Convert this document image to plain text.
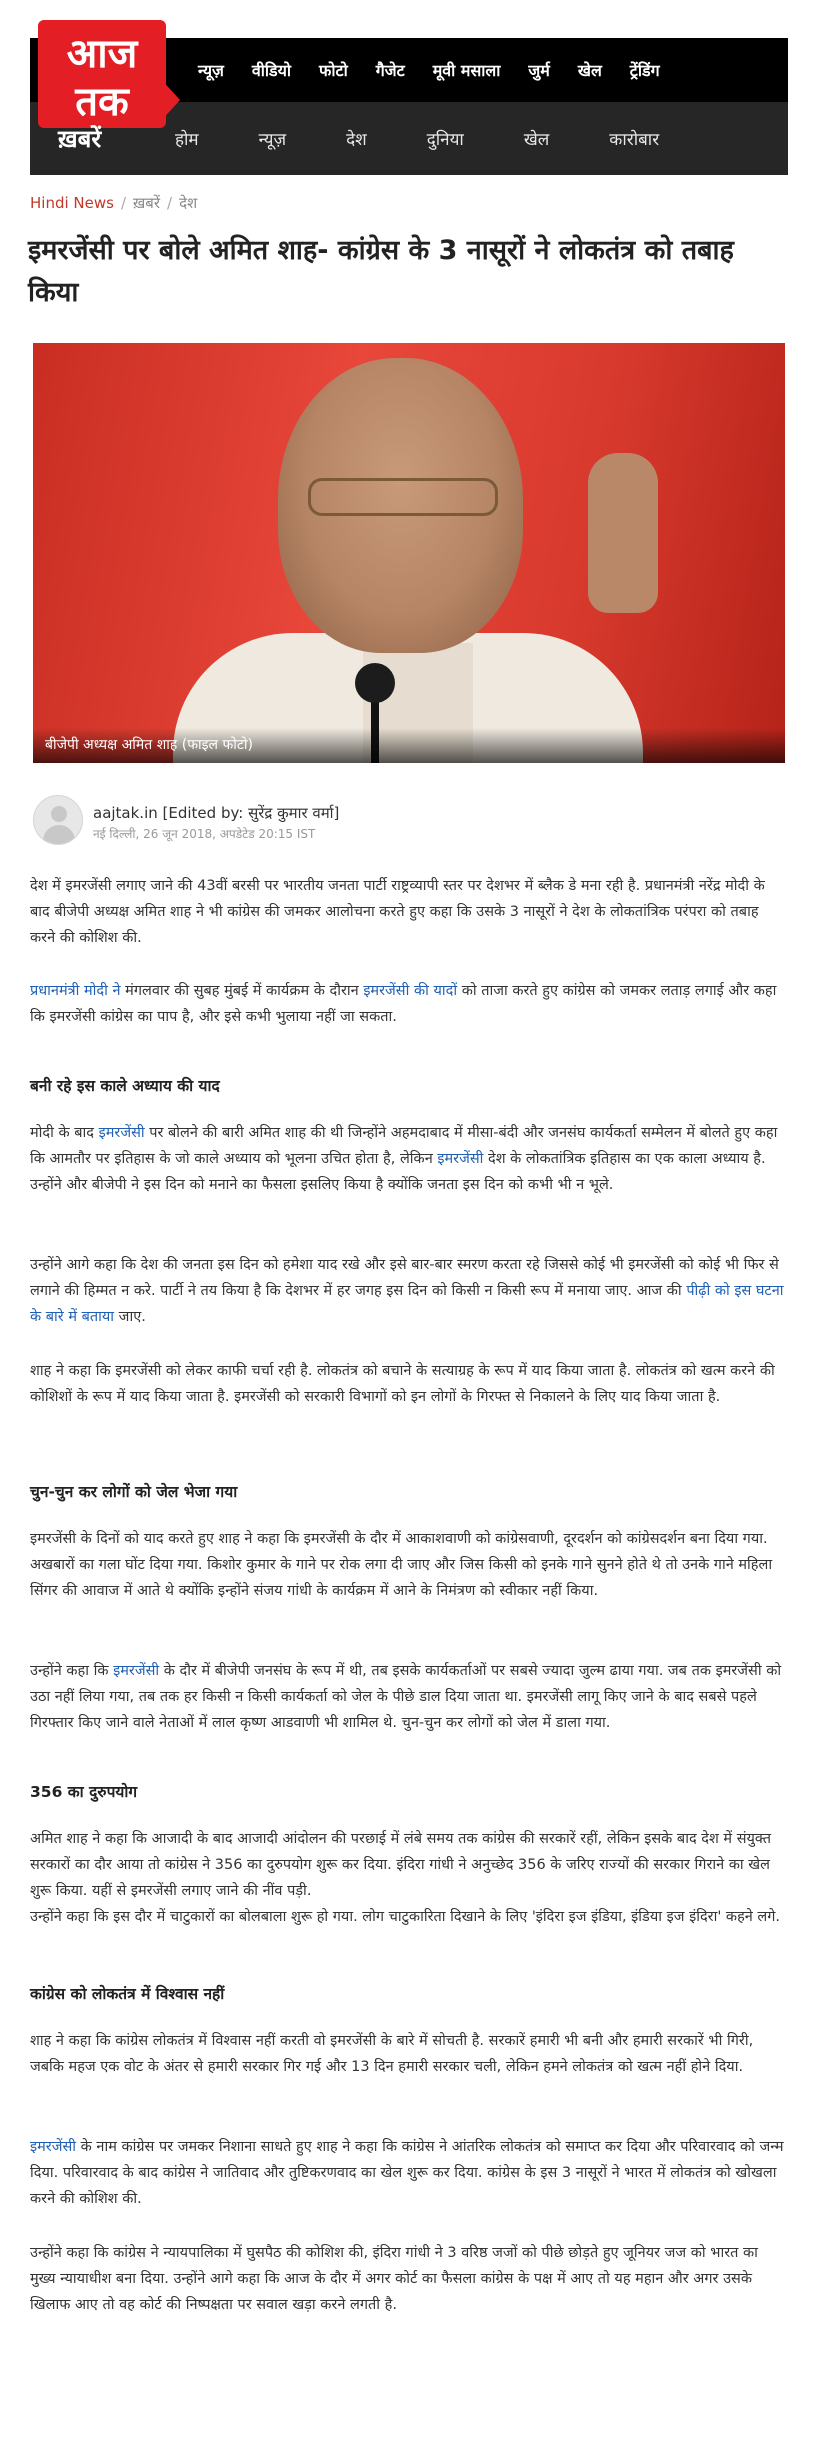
न्यूज़ वीडियो फोटो गैजेट मूवी मसाला जुर्म खेल ट्रेंडिंग
होम	न्यूज़	देश	दुनिया	खेल	कारोबार
आज
तक
ख़बरें
Hindi News / ख़बरें / देश
इमरजेंसी पर बोले अमित शाह- कांग्रेस के 3 नासूरों ने लोकतंत्र को तबाह किया
बीजेपी अध्यक्ष अमित शाह (फाइल फोटो)
aajtak.in [Edited by: सुरेंद्र कुमार वर्मा]
नई दिल्ली, 26 जून 2018, अपडेटेड 20:15 IST

देश में इमरजेंसी लगाए जाने की 43वीं बरसी पर भारतीय जनता पार्टी राष्ट्रव्यापी स्तर पर देशभर में ब्लैक डे मना रही है. प्रधानमंत्री नरेंद्र मोदी के बाद बीजेपी अध्यक्ष अमित शाह ने भी कांग्रेस की जमकर आलोचना करते हुए कहा कि उसके 3 नासूरों ने देश के लोकतांत्रिक परंपरा को तबाह करने की कोशिश की.

प्रधानमंत्री मोदी ने मंगलवार की सुबह मुंबई में कार्यक्रम के दौरान इमरजेंसी की यादों को ताजा करते हुए कांग्रेस को जमकर लताड़ लगाई और कहा कि इमरजेंसी कांग्रेस का पाप है, और इसे कभी भुलाया नहीं जा सकता.

बनी रहे इस काले अध्याय की याद

मोदी के बाद इमरजेंसी पर बोलने की बारी अमित शाह की थी जिन्होंने अहमदाबाद में मीसा-बंदी और जनसंघ कार्यकर्ता सम्मेलन में बोलते हुए कहा कि आमतौर पर इतिहास के जो काले अध्याय को भूलना उचित होता है, लेकिन इमरजेंसी देश के लोकतांत्रिक इतिहास का एक काला अध्याय है. उन्होंने और बीजेपी ने इस दिन को मनाने का फैसला इसलिए किया है क्योंकि जनता इस दिन को कभी भी न भूले.

उन्होंने आगे कहा कि देश की जनता इस दिन को हमेशा याद रखे और इसे बार-बार स्मरण करता रहे जिससे कोई भी इमरजेंसी को कोई भी फिर से लगाने की हिम्मत न करे. पार्टी ने तय किया है कि देशभर में हर जगह इस दिन को किसी न किसी रूप में मनाया जाए. आज की पीढ़ी को इस घटना के बारे में बताया जाए.

शाह ने कहा कि इमरजेंसी को लेकर काफी चर्चा रही है. लोकतंत्र को बचाने के सत्याग्रह के रूप में याद किया जाता है. लोकतंत्र को खत्म करने की कोशिशों के रूप में याद किया जाता है. इमरजेंसी को सरकारी विभागों को इन लोगों के गिरफ्त से निकालने के लिए याद किया जाता है.

चुन-चुन कर लोगों को जेल भेजा गया

इमरजेंसी के दिनों को याद करते हुए शाह ने कहा कि इमरजेंसी के दौर में आकाशवाणी को कांग्रेसवाणी, दूरदर्शन को कांग्रेसदर्शन बना दिया गया. अखबारों का गला घोंट दिया गया. किशोर कुमार के गाने पर रोक लगा दी जाए और जिस किसी को इनके गाने सुनने होते थे तो उनके गाने महिला सिंगर की आवाज में आते थे क्योंकि इन्होंने संजय गांधी के कार्यक्रम में आने के निमंत्रण को स्वीकार नहीं किया.

उन्होंने कहा कि इमरजेंसी के दौर में बीजेपी जनसंघ के रूप में थी, तब इसके कार्यकर्ताओं पर सबसे ज्यादा जुल्म ढाया गया. जब तक इमरजेंसी को उठा नहीं लिया गया, तब तक हर किसी न किसी कार्यकर्ता को जेल के पीछे डाल दिया जाता था. इमरजेंसी लागू किए जाने के बाद सबसे पहले गिरफ्तार किए जाने वाले नेताओं में लाल कृष्ण आडवाणी भी शामिल थे. चुन-चुन कर लोगों को जेल में डाला गया.

356 का दुरुपयोग

अमित शाह ने कहा कि आजादी के बाद आजादी आंदोलन की परछाई में लंबे समय तक कांग्रेस की सरकारें रहीं, लेकिन इसके बाद देश में संयुक्त सरकारों का दौर आया तो कांग्रेस ने 356 का दुरुपयोग शुरू कर दिया. इंदिरा गांधी ने अनुच्छेद 356 के जरिए राज्यों की सरकार गिराने का खेल शुरू किया. यहीं से इमरजेंसी लगाए जाने की नींव पड़ी.

उन्होंने कहा कि इस दौर में चाटुकारों का बोलबाला शुरू हो गया. लोग चाटुकारिता दिखाने के लिए 'इंदिरा इज इंडिया, इंडिया इज इंदिरा' कहने लगे.

कांग्रेस को लोकतंत्र में विश्वास नहीं

शाह ने कहा कि कांग्रेस लोकतंत्र में विश्वास नहीं करती वो इमरजेंसी के बारे में सोचती है. सरकारें हमारी भी बनी और हमारी सरकारें भी गिरी, जबकि महज एक वोट के अंतर से हमारी सरकार गिर गई और 13 दिन हमारी सरकार चली, लेकिन हमने लोकतंत्र को खत्म नहीं होने दिया.

इमरजेंसी के नाम कांग्रेस पर जमकर निशाना साधते हुए शाह ने कहा कि कांग्रेस ने आंतरिक लोकतंत्र को समाप्त कर दिया और परिवारवाद को जन्म दिया. परिवारवाद के बाद कांग्रेस ने जातिवाद और तुष्टिकरणवाद का खेल शुरू कर दिया. कांग्रेस के इस 3 नासूरों ने भारत में लोकतंत्र को खोखला करने की कोशिश की.

उन्होंने कहा कि कांग्रेस ने न्यायपालिका में घुसपैठ की कोशिश की, इंदिरा गांधी ने 3 वरिष्ठ जजों को पीछे छोड़ते हुए जूनियर जज को भारत का मुख्य न्यायाधीश बना दिया. उन्होंने आगे कहा कि आज के दौर में अगर कोर्ट का फैसला कांग्रेस के पक्ष में आए तो यह महान और अगर उसके खिलाफ आए तो वह कोर्ट की निष्पक्षता पर सवाल खड़ा करने लगती है.
